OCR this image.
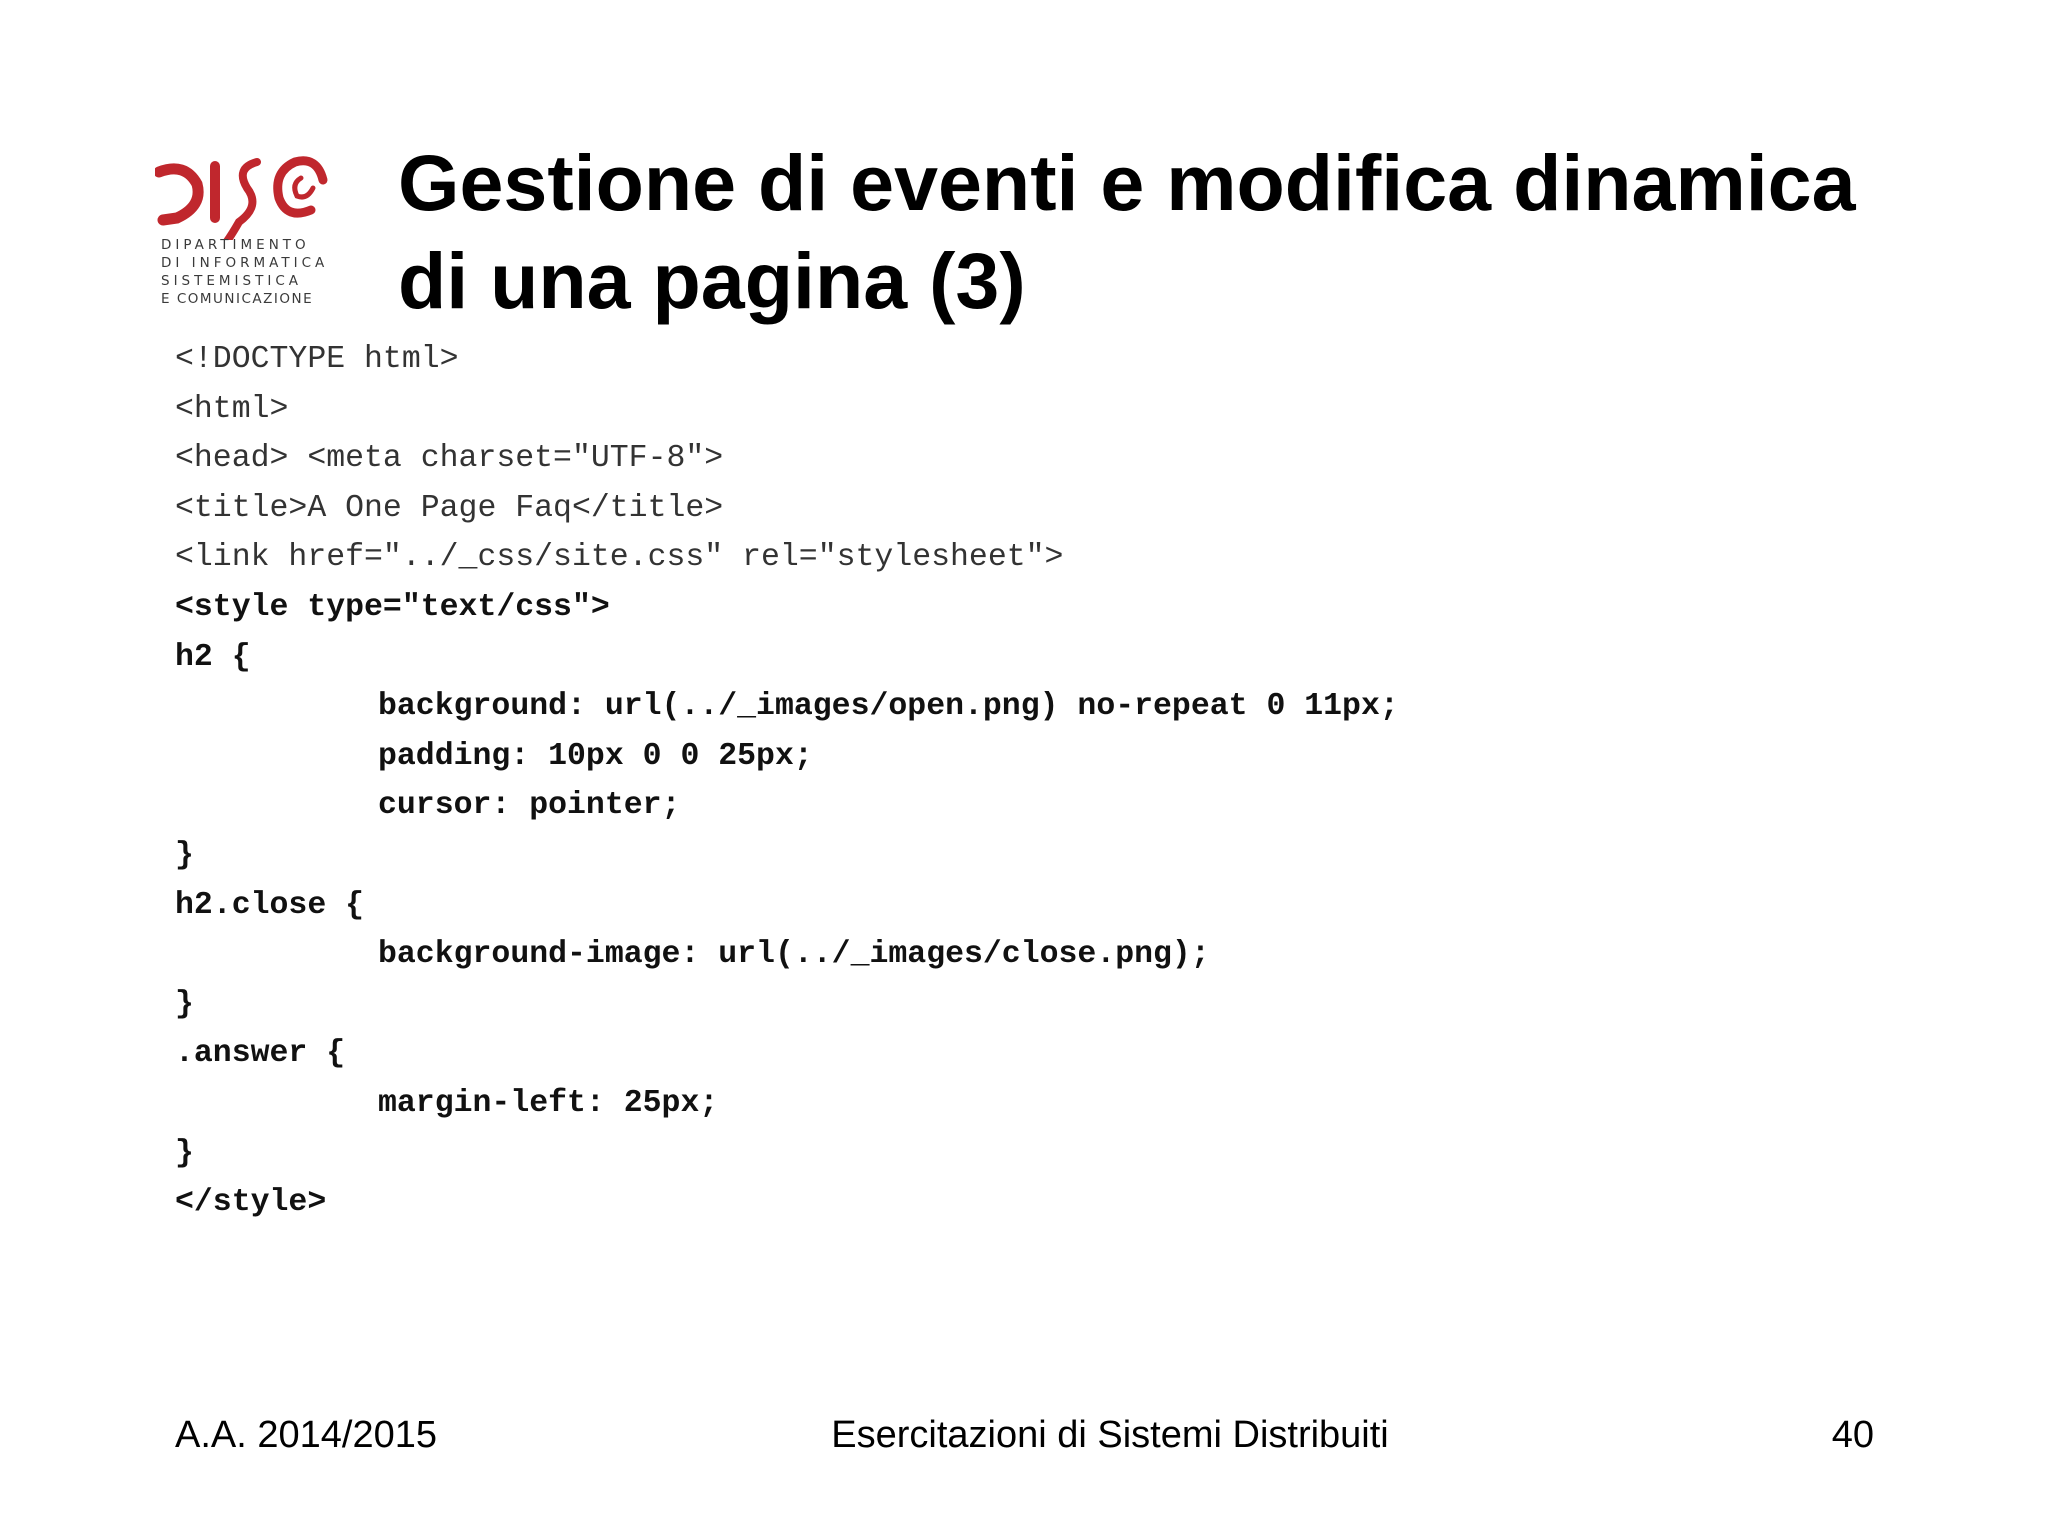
DIPARTIMENTO
DI INFORMATICA
SISTEMISTICA
E COMUNICAZIONE
Gestione di eventi e modifica dinamica
di una pagina (3)
<!DOCTYPE html>
<html>
<head> <meta charset="UTF-8">
<title>A One Page Faq</title>
<link href="../_css/site.css" rel="stylesheet">
<style type="text/css">
h2 {
background: url(../_images/open.png) no-repeat 0 11px;
padding: 10px 0 0 25px;
cursor: pointer;
}
h2.close {
background-image: url(../_images/close.png);
}
.answer {
margin-left: 25px;
}
</style>
A.A. 2014/2015	Esercitazioni di Sistemi Distribuiti	40
